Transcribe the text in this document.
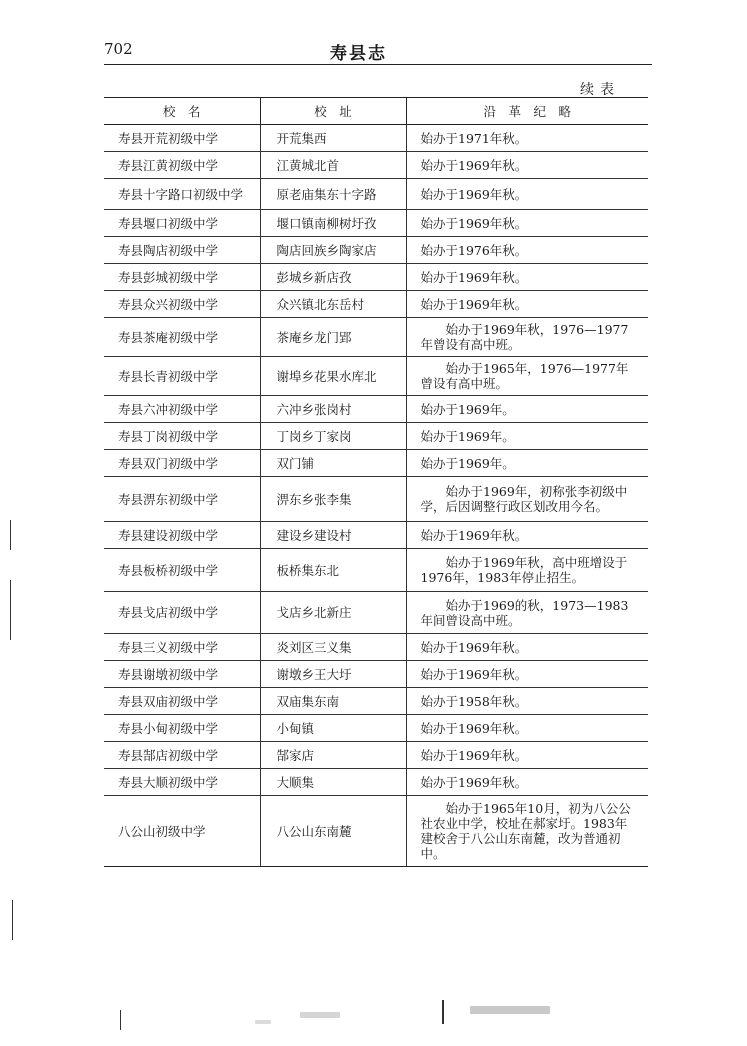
702	寿县志
续表
校　名	校　址	沿　革　纪　略
寿县开荒初级中学	开荒集西	始办于1971年秋。
寿县江黄初级中学	江黄城北首	始办于1969年秋。
寿县十字路口初级中学	原老庙集东十字路	始办于1969年秋。
寿县堰口初级中学	堰口镇南柳树圩孜	始办于1969年秋。
寿县陶店初级中学	陶店回族乡陶家店	始办于1976年秋。
寿县彭城初级中学	彭城乡新店孜	始办于1969年秋。
寿县众兴初级中学	众兴镇北东岳村	始办于1969年秋。
寿县茶庵初级中学	茶庵乡龙门郢	始办于1969年秋，1976—1977年曾设有高中班。
寿县长青初级中学	谢埠乡花果水库北	始办于1965年，1976—1977年曾设有高中班。
寿县六冲初级中学	六冲乡张岗村	始办于1969年。
寿县丁岗初级中学	丁岗乡丁家岗	始办于1969年。
寿县双门初级中学	双门铺	始办于1969年。
寿县淠东初级中学	淠东乡张李集	始办于1969年，初称张李初级中学，后因调整行政区划改用今名。
寿县建设初级中学	建设乡建设村	始办于1969年秋。
寿县板桥初级中学	板桥集东北	始办于1969年秋，高中班增设于1976年，1983年停止招生。
寿县戈店初级中学	戈店乡北新庄	始办于1969的秋，1973—1983年间曾设高中班。
寿县三义初级中学	炎刘区三义集	始办于1969年秋。
寿县谢墩初级中学	谢墩乡王大圩	始办于1969年秋。
寿县双庙初级中学	双庙集东南	始办于1958年秋。
寿县小甸初级中学	小甸镇	始办于1969年秋。
寿县郜店初级中学	郜家店	始办于1969年秋。
寿县大顺初级中学	大顺集	始办于1969年秋。
八公山初级中学	八公山东南麓	始办于1965年10月，初为八公公社农业中学，校址在郝家圩。1983年建校舍于八公山东南麓，改为普通初中。
